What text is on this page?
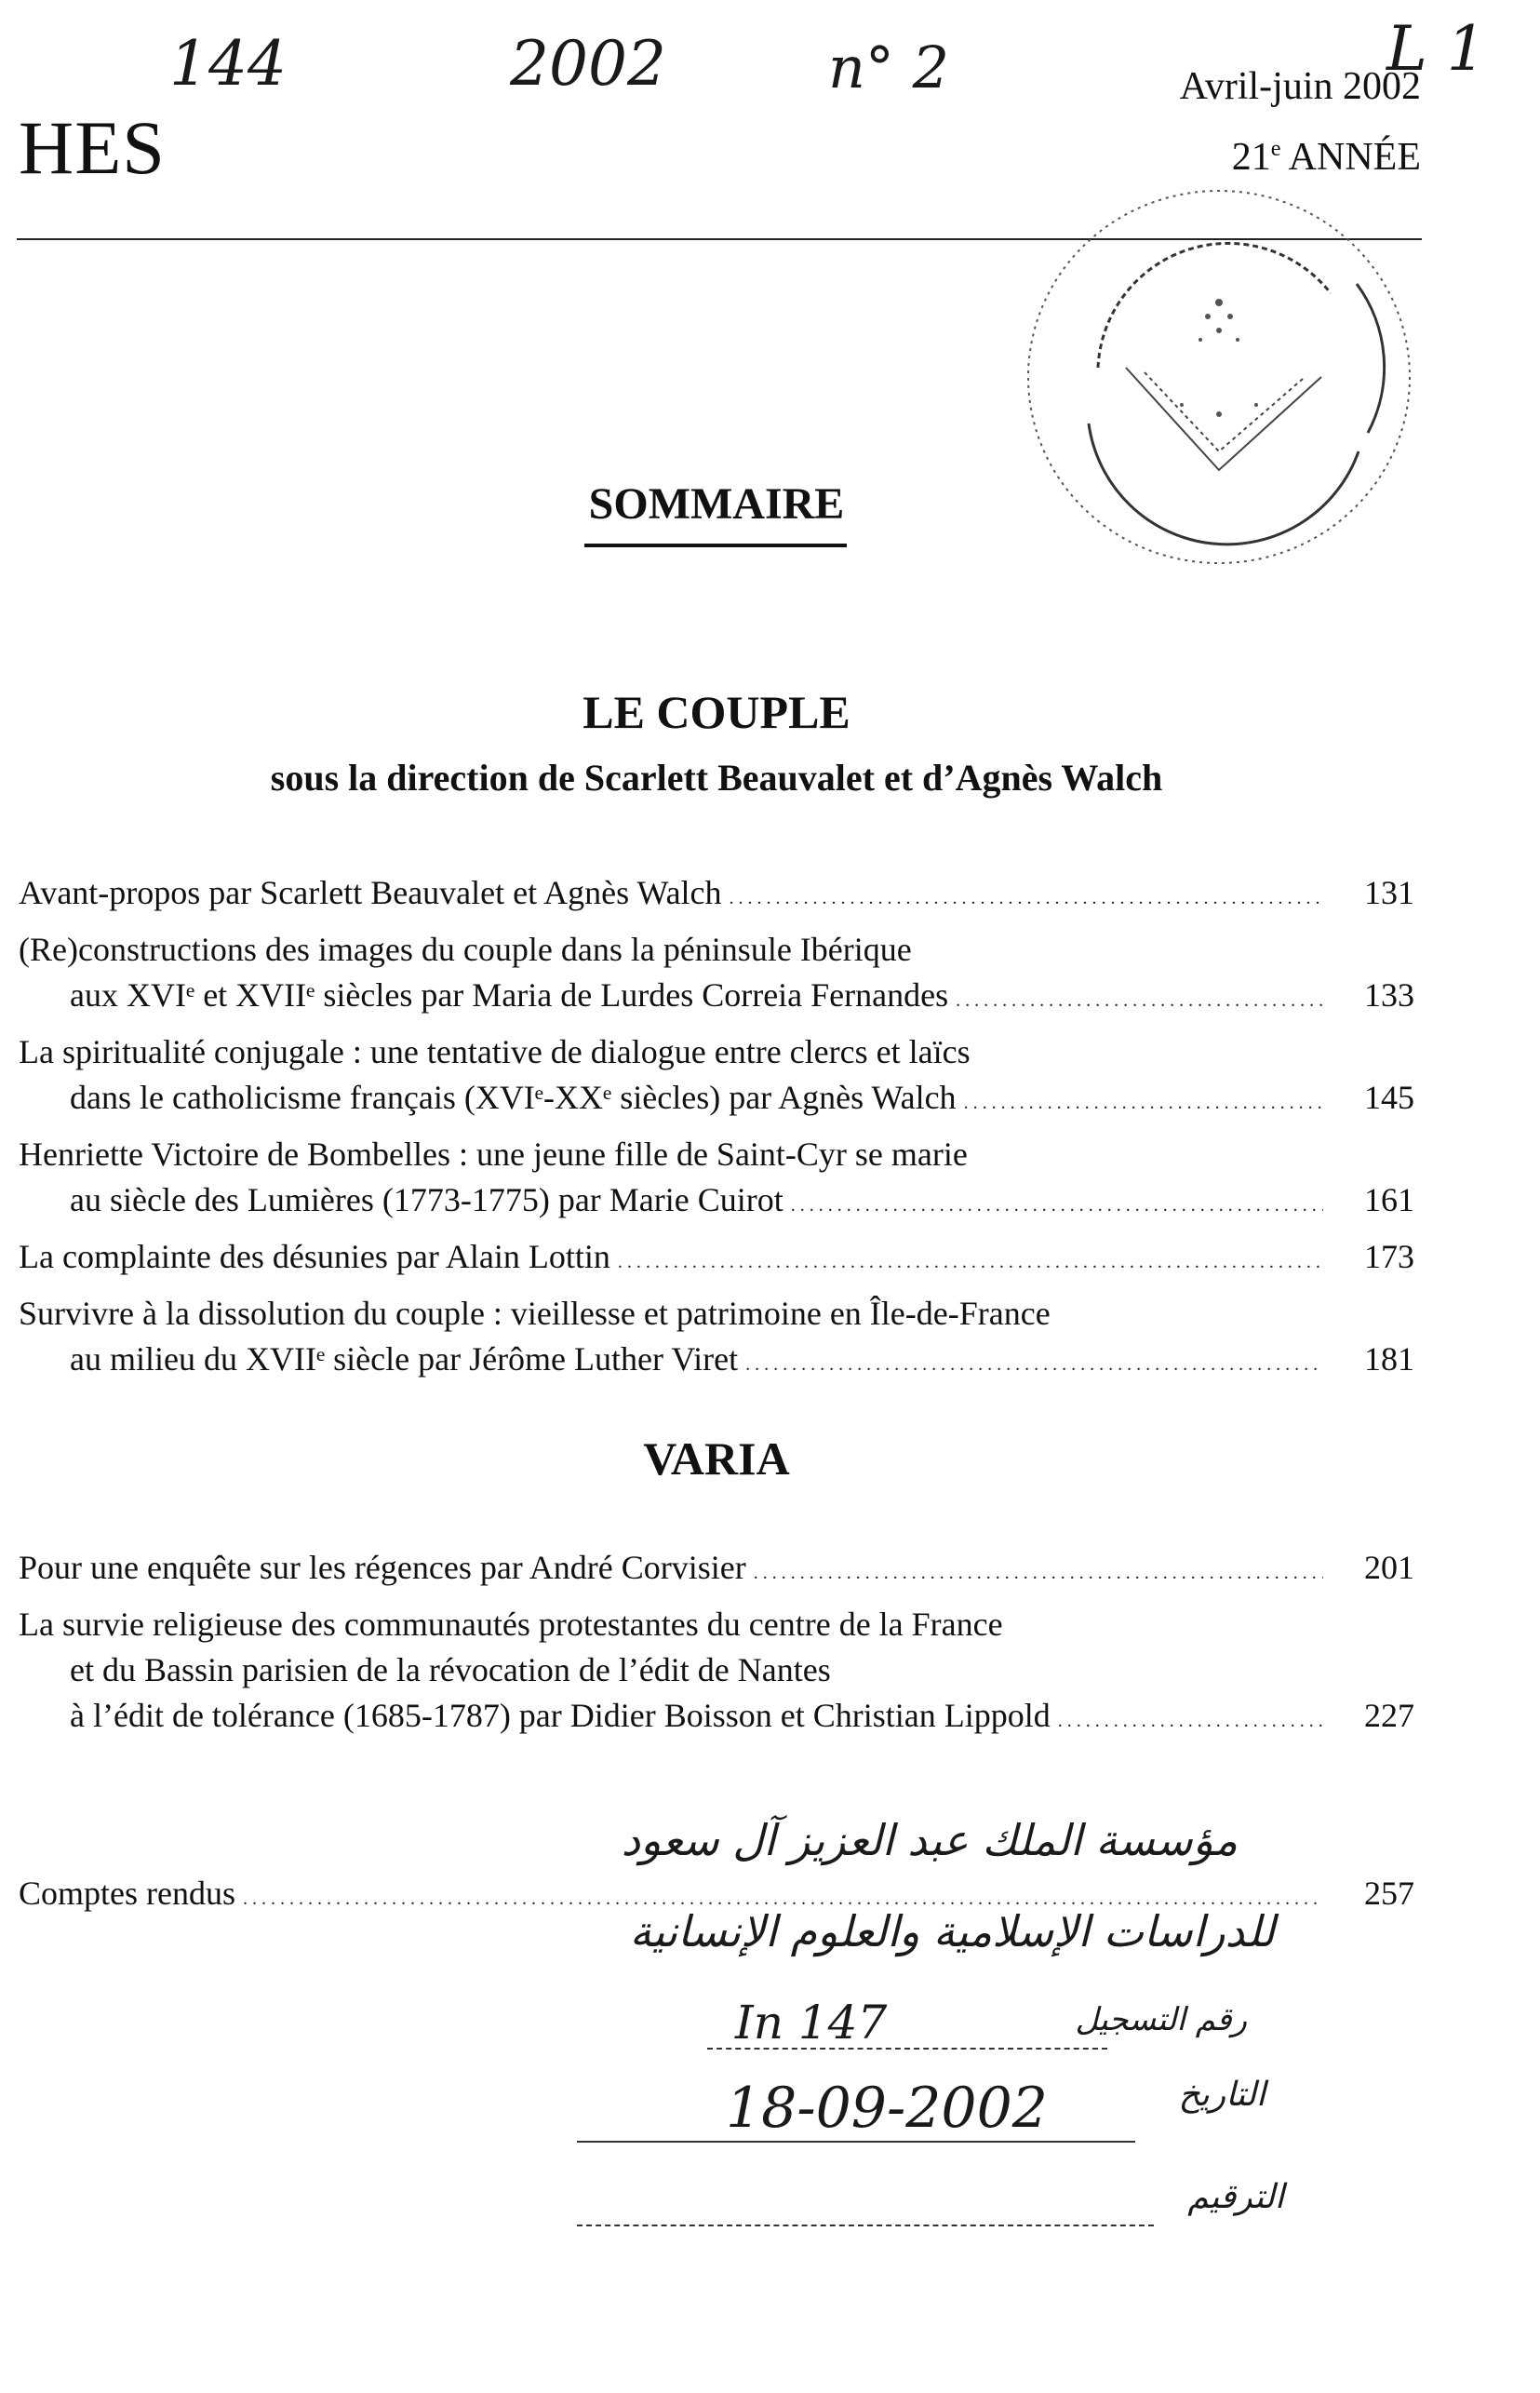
144	2002	n° 2	L 1
HES
Avril-juin 2002
21e ANNÉE
SOMMAIRE
LE COUPLE
sous la direction de Scarlett Beauvalet et d’Agnès Walch
Avant-propos par Scarlett Beauvalet et Agnès Walch . . .	131
(Re)constructions des images du couple dans la péninsule Ibérique
aux XVIᵉ et XVIIᵉ siècles par Maria de Lurdes Correia Fernandes . . .	133
La spiritualité conjugale : une tentative de dialogue entre clercs et laïcs
dans le catholicisme français (XVIᵉ-XXᵉ siècles) par Agnès Walch . . .	145
Henriette Victoire de Bombelles : une jeune fille de Saint-Cyr se marie
au siècle des Lumières (1773-1775) par Marie Cuirot . . .	161
La complainte des désunies par Alain Lottin . . .	173
Survivre à la dissolution du couple : vieillesse et patrimoine en Île-de-France
au milieu du XVIIᵉ siècle par Jérôme Luther Viret . . .	181
VARIA
Pour une enquête sur les régences par André Corvisier . . .	201
La survie religieuse des communautés protestantes du centre de la France
et du Bassin parisien de la révocation de l’édit de Nantes
à l’édit de tolérance (1685-1787) par Didier Boisson et Christian Lippold . . .	227
Comptes rendus . . .	257
مؤسسة الملك عبد العزيز آل سعود
للدراسات الإسلامية والعلوم الإنسانية
رقم التسجيل
In 147
التاريخ
18-09-2002
الترقيم
